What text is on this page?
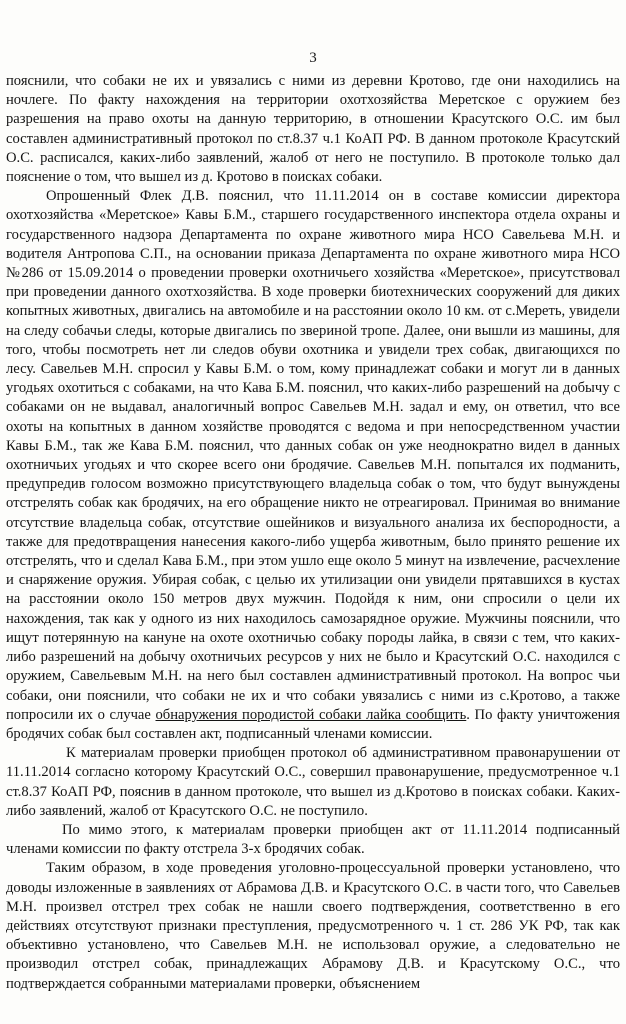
3

пояснили, что собаки не их и увязались с ними из деревни Кротово, где они находились на ночлеге. По факту нахождения на территории охотхозяйства Меретское с оружием без разрешения на право охоты на данную территорию, в отношении Красутского О.С. им был составлен административный протокол по ст.8.37 ч.1 КоАП РФ. В данном протоколе Красутский О.С. расписался, каких-либо заявлений, жалоб от него не поступило. В протоколе только дал пояснение о том, что вышел из д. Кротово в поисках собаки.

Опрошенный Флек Д.В. пояснил, что 11.11.2014 он в составе комиссии директора охотхозяйства «Меретское» Кавы Б.М., старшего государственного инспектора отдела охраны и государственного надзора Департамента по охране животного мира НСО Савельева М.Н. и водителя Антропова С.П., на основании приказа Департамента по охране животного мира НСО №286 от 15.09.2014 о проведении проверки охотничьего хозяйства «Меретское», присутствовал при проведении данного охотхозяйства. В ходе проверки биотехнических сооружений для диких копытных животных, двигались на автомобиле и на расстоянии около 10 км. от с.Мереть, увидели на следу собачьи следы, которые двигались по звериной тропе. Далее, они вышли из машины, для того, чтобы посмотреть нет ли следов обуви охотника и увидели трех собак, двигающихся по лесу. Савельев М.Н. спросил у Кавы Б.М. о том, кому принадлежат собаки и могут ли в данных угодьях охотиться с собаками, на что Кава Б.М. пояснил, что каких-либо разрешений на добычу с собаками он не выдавал, аналогичный вопрос Савельев М.Н. задал и ему, он ответил, что все охоты на копытных в данном хозяйстве проводятся с ведома и при непосредственном участии Кавы Б.М., так же Кава Б.М. пояснил, что данных собак он уже неоднократно видел в данных охотничьих угодьях и что скорее всего они бродячие. Савельев М.Н. попытался их подманить, предупредив голосом возможно присутствующего владельца собак о том, что будут вынуждены отстрелять собак как бродячих, на его обращение никто не отреагировал. Принимая во внимание отсутствие владельца собак, отсутствие ошейников и визуального анализа их беспородности, а также для предотвращения нанесения какого-либо ущерба животным, было принято решение их отстрелять, что и сделал Кава Б.М., при этом ушло еще около 5 минут на извлечение, расчехление и снаряжение оружия. Убирая собак, с целью их утилизации они увидели прятавшихся в кустах на расстоянии около 150 метров двух мужчин. Подойдя к ним, они спросили о цели их нахождения, так как у одного из них находилось самозарядное оружие. Мужчины пояснили, что ищут потерянную на кануне на охоте охотничью собаку породы лайка, в связи с тем, что каких-либо разрешений на добычу охотничьих ресурсов у них не было и Красутский О.С. находился с оружием, Савельевым М.Н. на него был составлен административный протокол. На вопрос чьи собаки, они пояснили, что собаки не их и что собаки увязались с ними из с.Кротово, а также попросили их о случае обнаружения породистой собаки лайка сообщить. По факту уничтожения бродячих собак был составлен акт, подписанный членами комиссии.

К материалам проверки приобщен протокол об административном правонарушении от 11.11.2014 согласно которому Красутский О.С., совершил правонарушение, предусмотренное ч.1 ст.8.37 КоАП РФ, пояснив в данном протоколе, что вышел из д.Кротово в поисках собаки. Каких-либо заявлений, жалоб от Красутского О.С. не поступило.

По мимо этого, к материалам проверки приобщен акт от 11.11.2014 подписанный членами комиссии по факту отстрела 3-х бродячих собак.

Таким образом, в ходе проведения уголовно-процессуальной проверки установлено, что доводы изложенные в заявлениях от Абрамова Д.В. и Красутского О.С. в части того, что Савельев М.Н. произвел отстрел трех собак не нашли своего подтверждения, соответственно в его действиях отсутствуют признаки преступления, предусмотренного ч. 1 ст. 286 УК РФ, так как объективно установлено, что Савельев М.Н. не использовал оружие, а следовательно не производил отстрел собак, принадлежащих Абрамову Д.В. и Красутскому О.С., что подтверждается собранными материалами проверки, объяснением
